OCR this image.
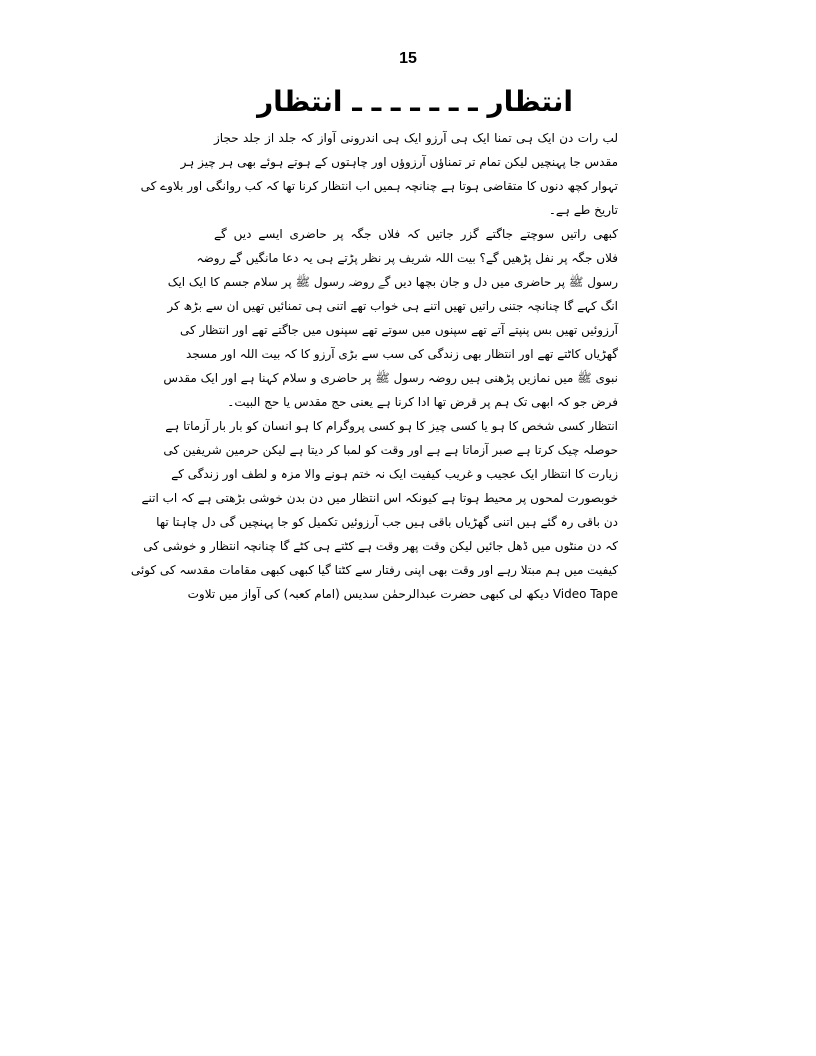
15
انتظار ـ ـ ـ ـ ـ ـ ـ انتظار
لب رات دن ایک ہی تمنا ایک ہی آرزو ایک ہی اندرونی آواز کہ جلد از جلد حجاز
مقدس جا پہنچیں لیکن تمام تر تمناؤں آرزوؤں اور چاہتوں کے ہوتے ہوئے بھی ہر چیز ہر
تہوار کچھ دنوں کا متقاضی ہوتا ہے چنانچہ ہمیں اب انتظار کرنا تھا کہ کب روانگی اور بلاوے کی
تاریخ طے ہے۔
کبھی راتیں سوچتے جاگتے گزر جاتیں کہ فلاں جگہ پر حاضری ایسے دیں گے
فلاں جگہ پر نفل پڑھیں گے؟ بیت اللہ شریف پر نظر پڑتے ہی یہ دعا مانگیں گے روضہ
رسول ﷺ پر حاضری میں دل و جان بچھا دیں گے روضہ رسول ﷺ پر سلام جسم کا ایک ایک
انگ کہے گا چنانچہ جتنی راتیں تھیں اتنے ہی خواب تھے اتنی ہی تمنائیں تھیں ان سے بڑھ کر
آرزوئیں تھیں بس پنپتے آتے تھے سپنوں میں سوتے تھے سپنوں میں جاگتے تھے اور انتظار کی
گھڑیاں کاٹتے تھے اور انتظار بھی زندگی کی سب سے بڑی آرزو کا کہ بیت اللہ اور مسجد
نبوی ﷺ میں نمازیں پڑھنی ہیں روضہ رسول ﷺ پر حاضری و سلام کہنا ہے اور ایک مقدس
فرض جو کہ ابھی تک ہم پر قرض تھا ادا کرنا ہے یعنی حج مقدس یا حج البیت۔
انتظار کسی شخص کا ہو یا کسی چیز کا ہو کسی پروگرام کا ہو انسان کو بار بار آزماتا ہے
حوصلہ چیک کرتا ہے صبر آزماتا ہے ہے اور وقت کو لمبا کر دیتا ہے لیکن حرمین شریفین کی
زیارت کا انتظار ایک عجیب و غریب کیفیت ایک نہ ختم ہونے والا مزہ و لطف اور زندگی کے
خوبصورت لمحوں پر محیط ہوتا ہے کیونکہ اس انتظار میں دن بدن خوشی بڑھتی ہے کہ اب اتنے
دن باقی رہ گئے ہیں اتنی گھڑیاں باقی ہیں جب آرزوئیں تکمیل کو جا پہنچیں گی دل چاہتا تھا
کہ دن منٹوں میں ڈھل جائیں لیکن وقت پھر وقت ہے کٹتے ہی کٹے گا چنانچہ انتظار و خوشی کی
کیفیت میں ہم مبتلا رہے اور وقت بھی اپنی رفتار سے کٹتا گیا کبھی کبھی مقامات مقدسہ کی کوئی
Video Tape دیکھ لی کبھی حضرت عبدالرحمٰن سدیس (امام کعبہ) کی آواز میں تلاوت
